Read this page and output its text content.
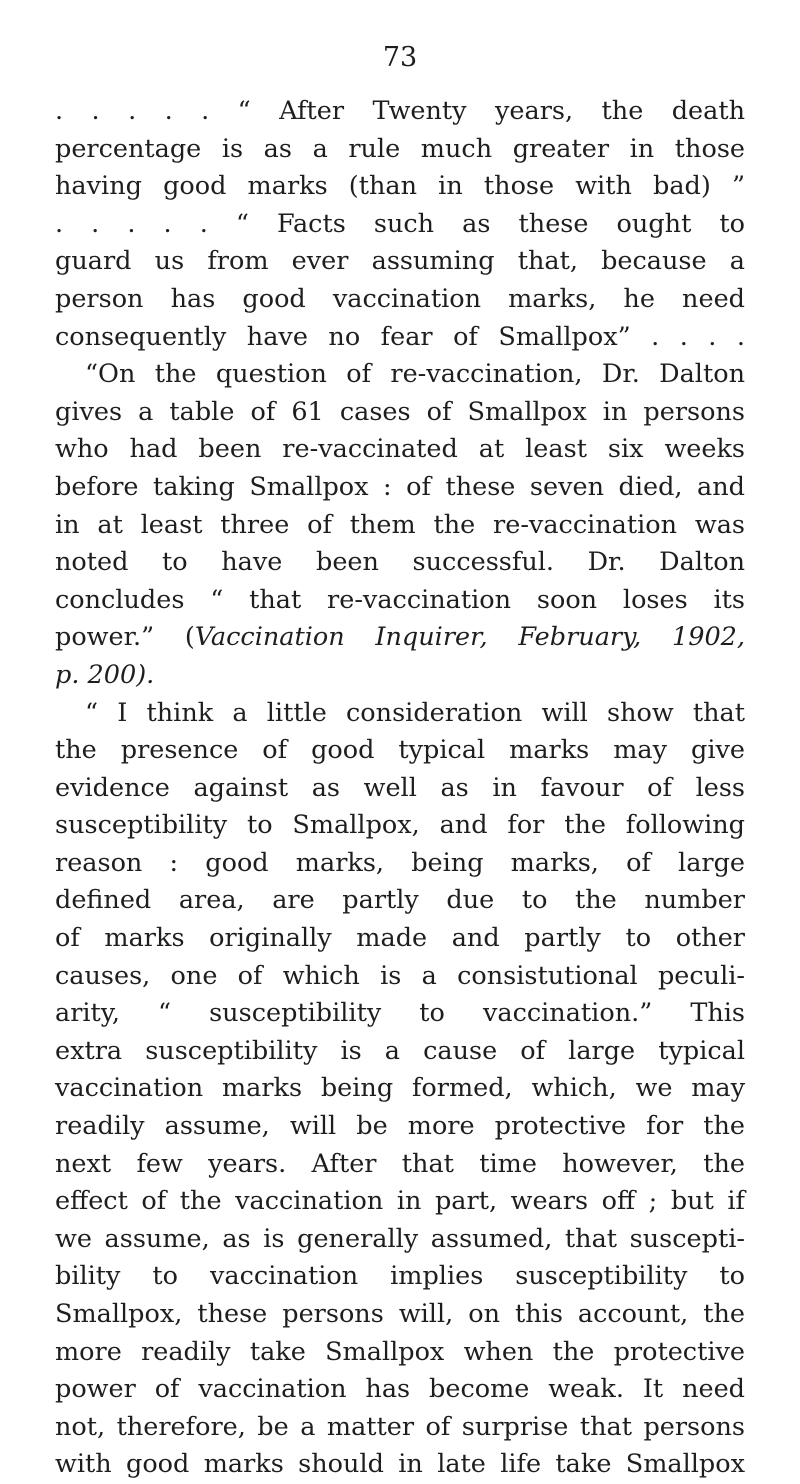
73
. . . . . “ After Twenty years, the death
percentage is as a rule much greater in those
having good marks (than in those with bad) ”
. . . . . “ Facts such as these ought to
guard us from ever assuming that, because a
person has good vaccination marks, he need
consequently have no fear of Smallpox” . . . .
“On the question of re-vaccination, Dr. Dalton
gives a table of 61 cases of Smallpox in persons
who had been re-vaccinated at least six weeks
before taking Smallpox : of these seven died, and
in at least three of them the re-vaccination was
noted to have been successful. Dr. Dalton
concludes “ that re-vaccination soon loses its
power.” (Vaccination Inquirer, February, 1902,
p. 200).
“ I think a little consideration will show that
the presence of good typical marks may give
evidence against as well as in favour of less
susceptibility to Smallpox, and for the following
reason : good marks, being marks, of large
defined area, are partly due to the number
of marks originally made and partly to other
causes, one of which is a consistutional peculi-
arity, “ susceptibility to vaccination.” This
extra susceptibility is a cause of large typical
vaccination marks being formed, which, we may
readily assume, will be more protective for the
next few years. After that time however, the
effect of the vaccination in part, wears off ; but if
we assume, as is generally assumed, that suscepti-
bility to vaccination implies susceptibility to
Smallpox, these persons will, on this account, the
more readily take Smallpox when the protective
power of vaccination has become weak. It need
not, therefore, be a matter of surprise that persons
with good marks should in late life take Smallpox
